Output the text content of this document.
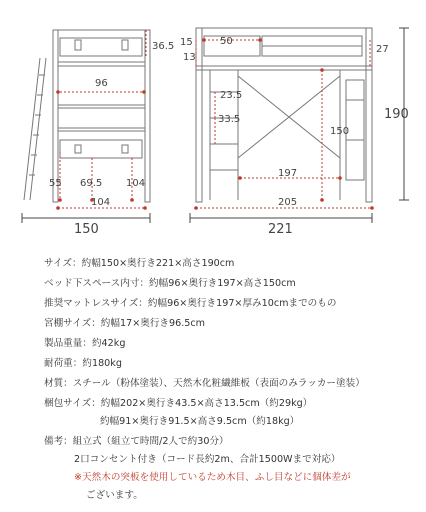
36.5
96
55 69.5 104
104
150
15
13
50
27
23.5
33.5
150
197
205
221
190
サイズ：約幅150×奥行き221×高さ190cm
ベッド下スペース内寸：約幅96×奥行き197×高さ150cm
推奨マットレスサイズ：約幅96×奥行き197×厚み10cmまでのもの
宮棚サイズ：約幅17×奥行き96.5cm
製品重量：約42kg
耐荷重：約180kg
材質：スチール（粉体塗装）、天然木化粧繊維板（表面のみラッカー塗装）
梱包サイズ：約幅202×奥行き43.5×高さ13.5cm（約29kg）
約幅91×奥行き91.5×高さ9.5cm（約18kg）
備考：組立式（組立て時間/2人で約30分）
2口コンセント付き（コード長約2m、合計1500Wまで対応）
※天然木の突板を使用しているため木目、ふし目などに個体差が
ございます。
